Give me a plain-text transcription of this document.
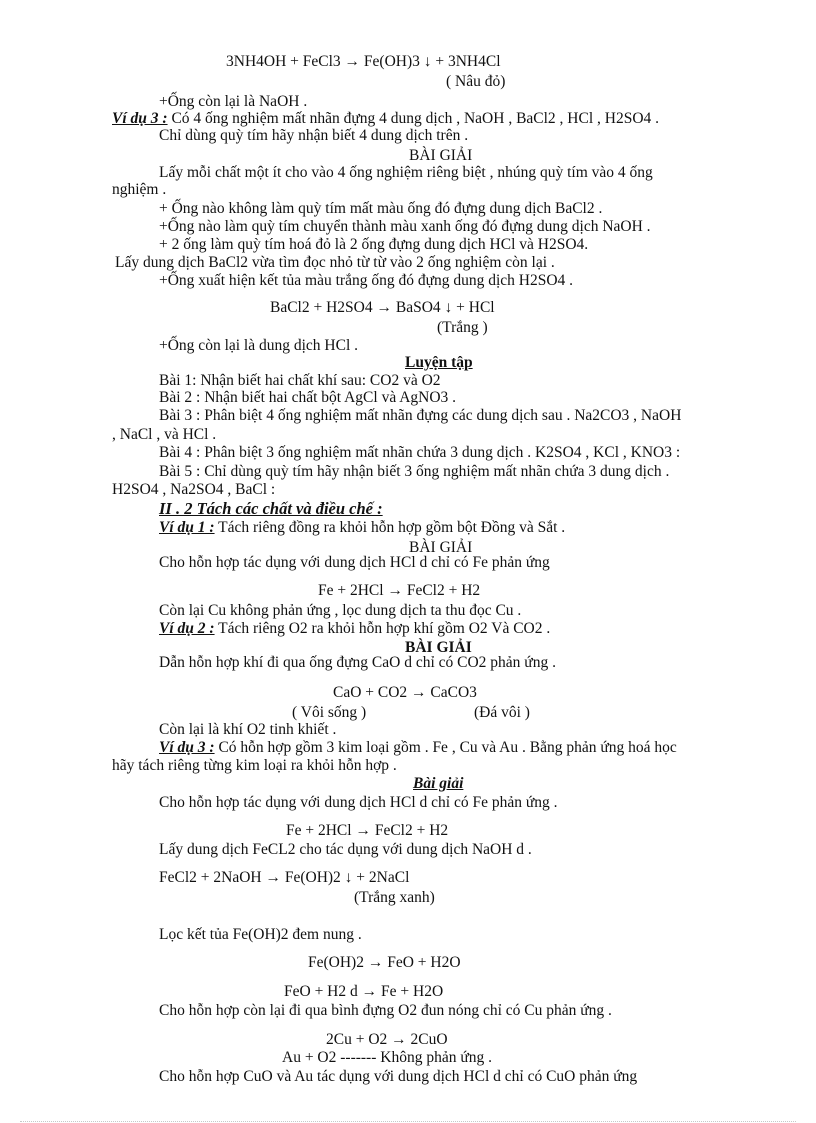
3NH4OH + FeCl3 → Fe(OH)3 ↓ + 3NH4Cl
( Nâu đỏ)
+Ống còn lại là NaOH .
Ví dụ 3 : Có 4 ống nghiệm mất nhãn đựng 4 dung dịch , NaOH , BaCl2 , HCl , H2SO4 .
Chỉ dùng quỳ tím hãy nhận biết 4 dung dịch trên .
BÀI GIẢI
Lấy mỗi chất một ít cho vào 4 ống nghiệm riêng biệt , nhúng quỳ tím vào 4 ống
nghiệm .
+ Ống nào không làm quỳ tím mất màu ống đó đựng dung dịch BaCl2 .
+Ống nào làm quỳ tím chuyển thành màu xanh ống đó đựng dung dịch NaOH .
+ 2 ống làm quỳ tím hoá đỏ là 2 ống đựng dung dịch HCl và H2SO4.
Lấy dung dịch BaCl2 vừa tìm đọc nhỏ từ từ vào 2 ống nghiệm còn lại .
+Ống xuất hiện kết tủa màu trắng ống đó đựng dung dịch H2SO4 .
BaCl2 + H2SO4 → BaSO4 ↓ + HCl
(Trắng )
+Ống còn lại là dung dịch HCl .
Luyện tập
Bài 1: Nhận biết hai chất khí sau: CO2 và O2
Bài 2 : Nhận biết hai chất bột AgCl và AgNO3 .
Bài 3 : Phân biệt 4 ống nghiệm mất nhãn đựng các dung dịch sau . Na2CO3 , NaOH
, NaCl , và HCl .
Bài 4 : Phân biệt 3 ống nghiệm mất nhãn chứa 3 dung dịch . K2SO4 , KCl , KNO3 :
Bài 5 : Chỉ dùng quỳ tím hãy nhận biết 3 ống nghiệm mất nhãn chứa 3 dung dịch .
H2SO4 , Na2SO4 , BaCl :
II . 2 Tách các chất và điều chế :
Ví dụ 1 : Tách riêng đồng ra khỏi hỗn hợp gồm bột Đồng và Sắt .
BÀI GIẢI
Cho hỗn hợp tác dụng với dung dịch HCl d chỉ có Fe phản ứng
Fe + 2HCl → FeCl2 + H2
Còn lại Cu không phản ứng , lọc dung dịch ta thu đọc Cu .
Ví dụ 2 : Tách riêng O2 ra khỏi hỗn hợp khí gồm O2 Và CO2 .
BÀI GIẢI
Dẫn hỗn hợp khí đi qua ống đựng CaO d chỉ có CO2 phản ứng .
CaO + CO2 → CaCO3
( Vôi sống )	(Đá vôi )
Còn lại là khí O2 tinh khiết .
Ví dụ 3 : Có hỗn hợp gồm 3 kim loại gồm . Fe , Cu và Au . Bằng phản ứng hoá học
hãy tách riêng từng kim loại ra khỏi hỗn hợp .
Bài giải
Cho hỗn hợp tác dụng với dung dịch HCl d chỉ có Fe phản ứng .
Fe + 2HCl → FeCl2 + H2
Lấy dung dịch FeCL2 cho tác dụng với dung dịch NaOH d .
FeCl2 + 2NaOH → Fe(OH)2 ↓ + 2NaCl
(Trắng xanh)
Lọc kết tủa Fe(OH)2 đem nung .
Fe(OH)2 → FeO + H2O
FeO + H2 d → Fe + H2O
Cho hỗn hợp còn lại đi qua bình đựng O2 đun nóng chỉ có Cu phản ứng .
2Cu + O2 → 2CuO
Au + O2 ------- Không phản ứng .
Cho hỗn hợp CuO và Au tác dụng với dung dịch HCl d chỉ có CuO phản ứng
